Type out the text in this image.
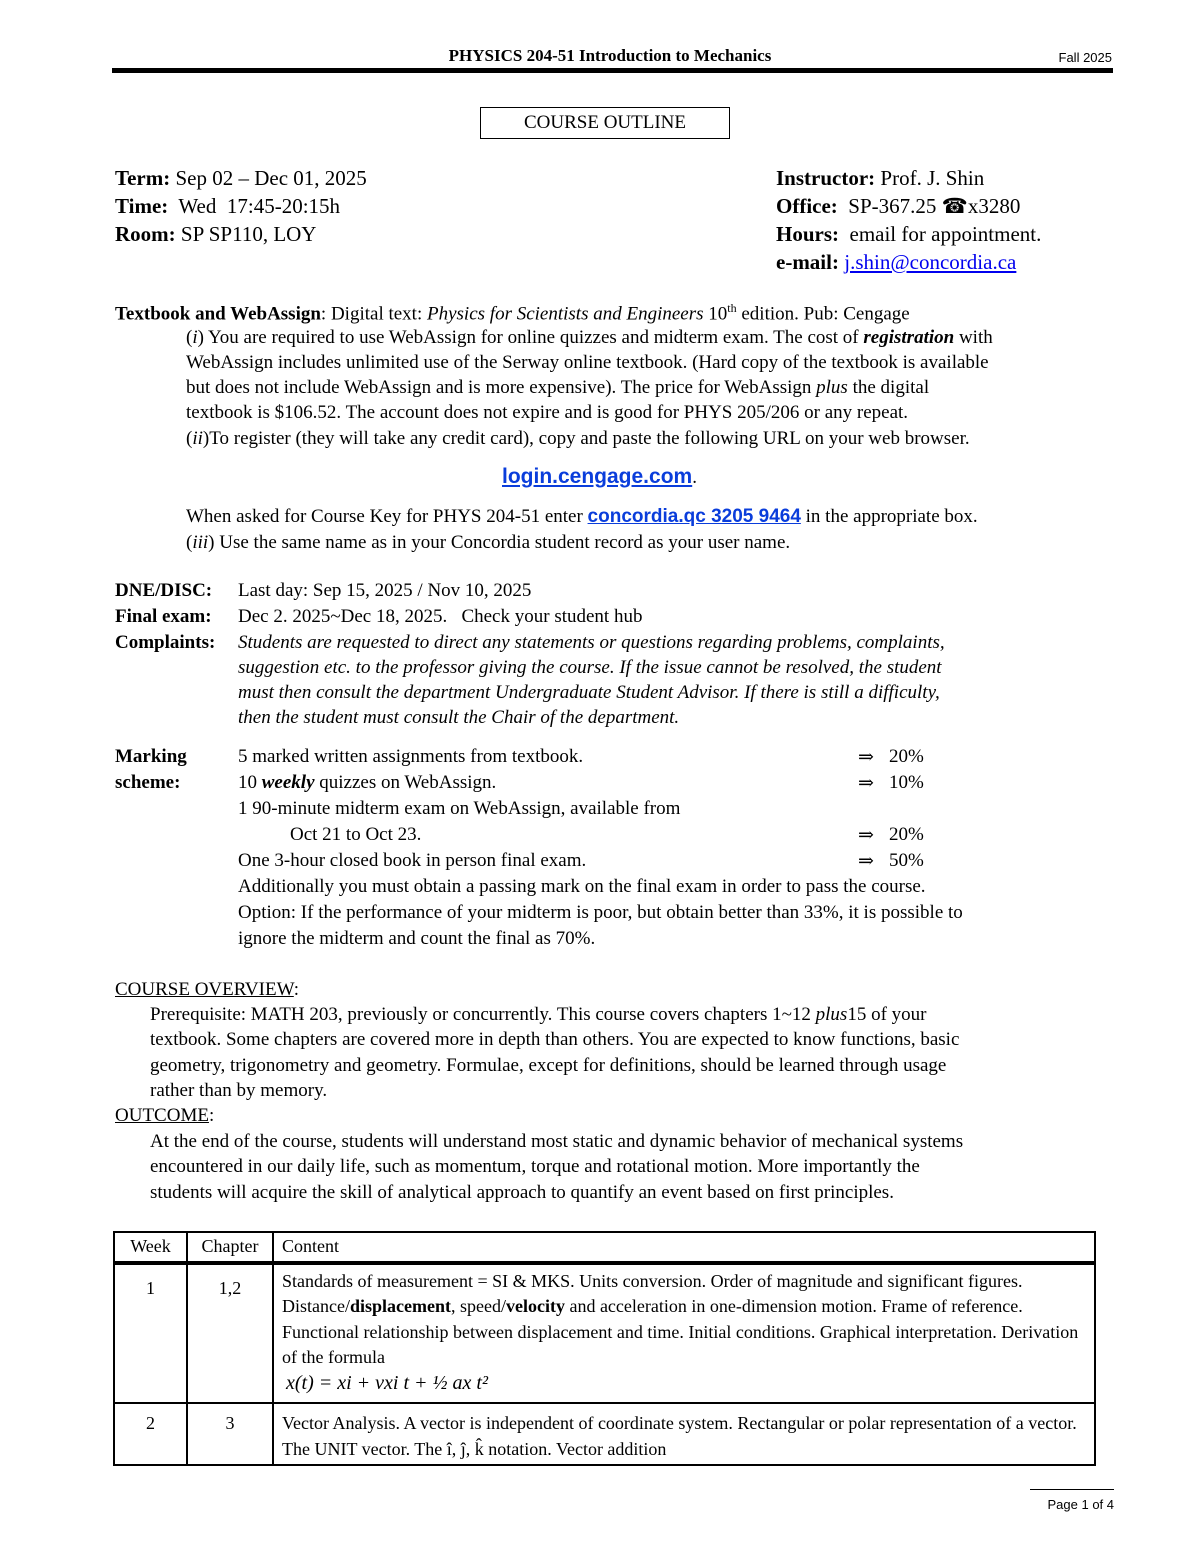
PHYSICS 204-51 Introduction to Mechanics	Fall 2025
COURSE OUTLINE
Term: Sep 02 – Dec 01, 2025
Time:  Wed  17:45-20:15h
Room: SP SP110, LOY
Instructor: Prof. J. Shin
Office:  SP-367.25 ☎x3280
Hours:  email for appointment.
e-mail: j.shin@concordia.ca
Textbook and WebAssign: Digital text: Physics for Scientists and Engineers 10th edition. Pub: Cengage
(i) You are required to use WebAssign for online quizzes and midterm exam. The cost of registration with
WebAssign includes unlimited use of the Serway online textbook. (Hard copy of the textbook is available
but does not include WebAssign and is more expensive). The price for WebAssign plus the digital
textbook is $106.52. The account does not expire and is good for PHYS 205/206 or any repeat.
(ii)To register (they will take any credit card), copy and paste the following URL on your web browser.
login.cengage.com.
When asked for Course Key for PHYS 204-51 enter concordia.qc 3205 9464 in the appropriate box.
(iii) Use the same name as in your Concordia student record as your user name.
DNE/DISC: Last day: Sep 15, 2025 / Nov 10, 2025
Final exam: Dec 2. 2025~Dec 18, 2025.   Check your student hub
Complaints: Students are requested to direct any statements or questions regarding problems, complaints,
suggestion etc. to the professor giving the course. If the issue cannot be resolved, the student
must then consult the department Undergraduate Student Advisor. If there is still a difficulty,
then the student must consult the Chair of the department.
Marking
scheme:
5 marked written assignments from textbook.	⇒ 20%
10 weekly quizzes on WebAssign.	⇒ 10%
1 90-minute midterm exam on WebAssign, available from
Oct 21 to Oct 23.	⇒ 20%
One 3-hour closed book in person final exam.	⇒ 50%
Additionally you must obtain a passing mark on the final exam in order to pass the course.
Option: If the performance of your midterm is poor, but obtain better than 33%, it is possible to
ignore the midterm and count the final as 70%.
COURSE OVERVIEW:
Prerequisite: MATH 203, previously or concurrently. This course covers chapters 1~12 plus15 of your
textbook. Some chapters are covered more in depth than others. You are expected to know functions, basic
geometry, trigonometry and geometry. Formulae, except for definitions, should be learned through usage
rather than by memory.
OUTCOME:
At the end of the course, students will understand most static and dynamic behavior of mechanical systems
encountered in our daily life, such as momentum, torque and rotational motion. More importantly the
students will acquire the skill of analytical approach to quantify an event based on first principles.
Week	Chapter	Content
1	1,2	Standards of measurement = SI & MKS. Units conversion. Order of magnitude and significant figures. Distance/displacement, speed/velocity and acceleration in one-dimension motion. Frame of reference. Functional relationship between displacement and time. Initial conditions. Graphical interpretation. Derivation of the formula
x(t) = xi + vxi t + ½ ax t²

2	3	Vector Analysis. A vector is independent of coordinate system. Rectangular or polar representation of a vector. The UNIT vector. The î, ĵ, k̂ notation. Vector addition
Page 1 of 4
